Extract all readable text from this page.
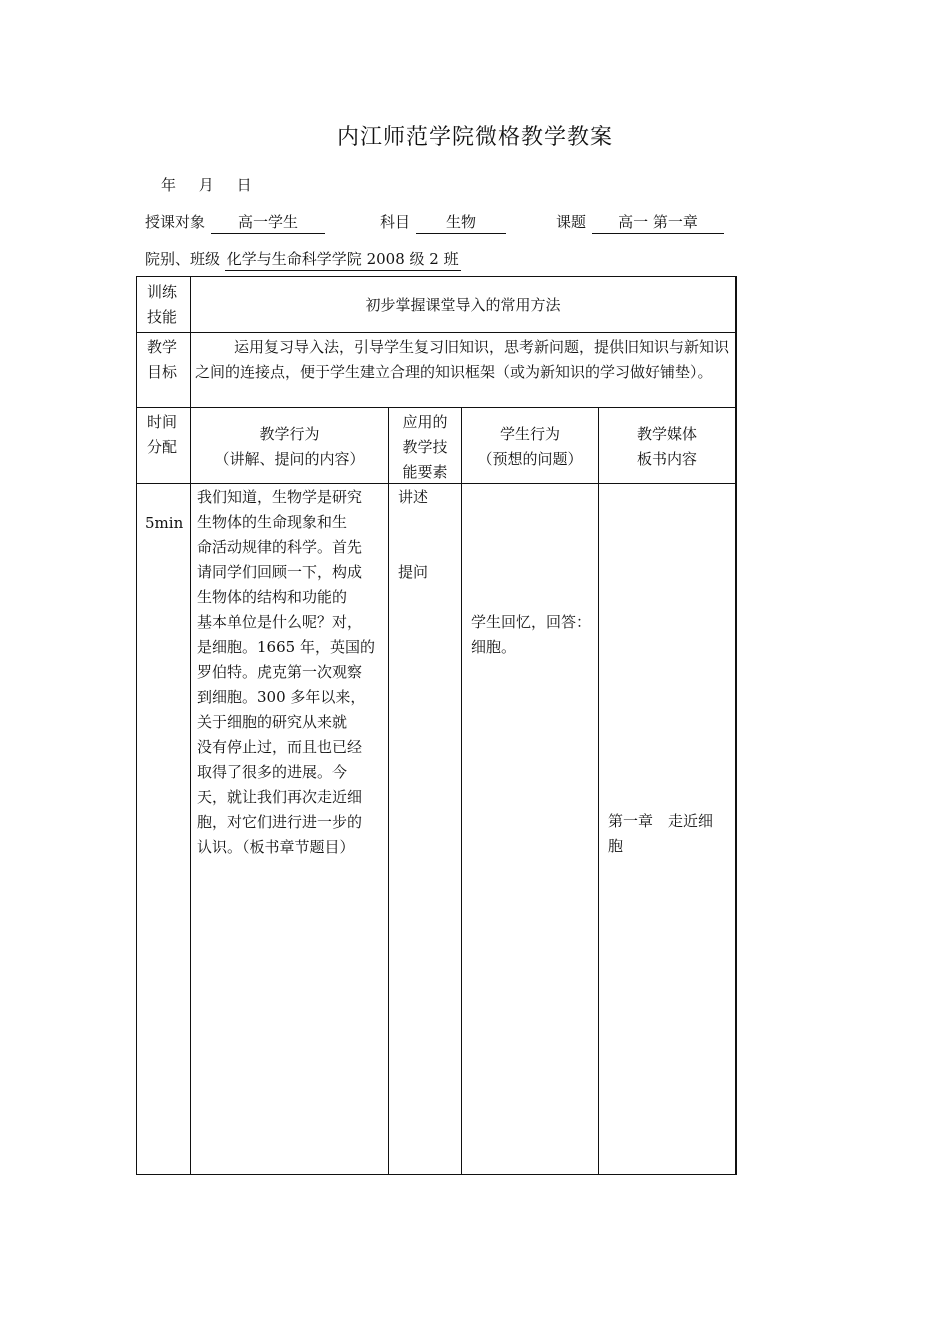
内江师范学院微格教学教案
年 月 日
授课对象 高一学生	科目 生物	课题 高一 第一章
院别、班级 化学与生命科学学院 2008 级 2 班
训练
技能
初步掌握课堂导入的常用方法
教学
目标
运用复习导入法，引导学生复习旧知识，思考新问题，提供旧知识与新知识之间的连接点，便于学生建立合理的知识框架（或为新知识的学习做好铺垫）。
时间
分配
教学行为
（讲解、提问的内容）
应用的
教学技
能要素
学生行为
（预想的问题）
教学媒体
板书内容
5min
我们知道，生物学是研究
生物体的生命现象和生
命活动规律的科学。首先
请同学们回顾一下，构成
生物体的结构和功能的
基本单位是什么呢？对，
是细胞。1665 年，英国的
罗伯特。虎克第一次观察
到细胞。300 多年以来，
关于细胞的研究从来就
没有停止过，而且也已经
取得了很多的进展。今
天，就让我们再次走近细
胞，对它们进行进一步的
认识。（板书章节题目）
讲述
提问
学生回忆，回答：
细胞。
第一章　走近细
胞
